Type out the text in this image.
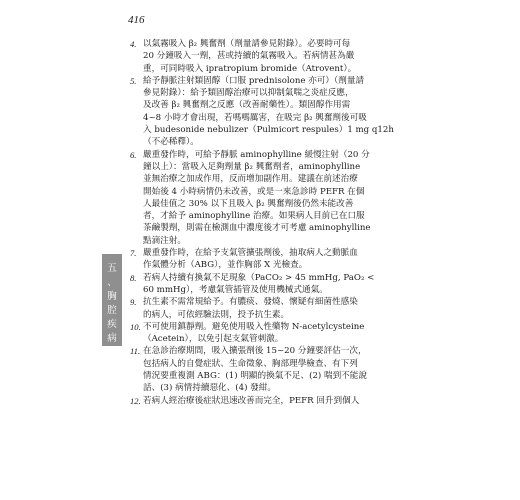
416
五
、
胸
腔
疾
病
4. 以氣霧吸入 β₂ 興奮劑（劑量請參見附錄）。必要時可每
20 分鐘吸入一劑，甚或持續的氣霧吸入。若病情甚為嚴
重，可同時吸入 ipratropium bromide（Atrovent）。
5. 給予靜脈注射類固醇（口服 prednisolone 亦可）（劑量請
參見附錄）：給予類固醇治療可以抑制氣喘之炎症反應，
及改善 β₂ 興奮劑之反應（改善耐藥性）。類固醇作用需
4~8 小時才會出現，若嗎嗎厲害，在吸完 β₂ 興奮劑後可吸
入 budesonide nebulizer（Pulmicort respules）1 mg q12h
（不必稀釋）。
6. 嚴重發作時，可給予靜脈 aminophylline 緩慢注射（20 分
鐘以上）：當吸入足夠劑量 β₂ 興奮劑者，aminophylline
並無治療之加成作用，反而增加副作用。建議在前述治療
開始後 4 小時病情仍未改善，或是一來急診時 PEFR 在個
人最佳值之 30% 以下且吸入 β₂ 興奮劑後仍然未能改善
者，才給予 aminophylline 治療。如果病人目前已在口服
茶鹼製劑，則需在檢測血中濃度後才可考慮 aminophylline
點滴注射。
7. 嚴重發作時，在給予支氣管擴張劑後，抽取病人之動脈血
作氣體分析（ABG），並作胸部 X 光檢查。
8. 若病人持續有換氣不足現象（PaCO₂ > 45 mmHg, PaO₂ <
60 mmHg），考慮氣管插管及使用機械式通氣。
9. 抗生素不需常規給予。有膿痰、發燒、懷疑有細菌性感染
的病人，可依經驗法則，投予抗生素。
10. 不可使用鎮靜劑。避免使用吸入性藥物 N-acetylcysteine
（Acetein），以免引起支氣管刺激。
11. 在急診治療期間，吸入擴張劑後 15~20 分鐘要評估一次，
包括病人的自覺症狀、生命徵象、胸部理學檢查、有下列
情況要重複測 ABG：(1) 明顯的換氣不足、(2) 喘到不能說
話、(3) 病情持續惡化、(4) 發紺。
12. 若病人經治療後症狀迅速改善而完全，PEFR 回升到個人
